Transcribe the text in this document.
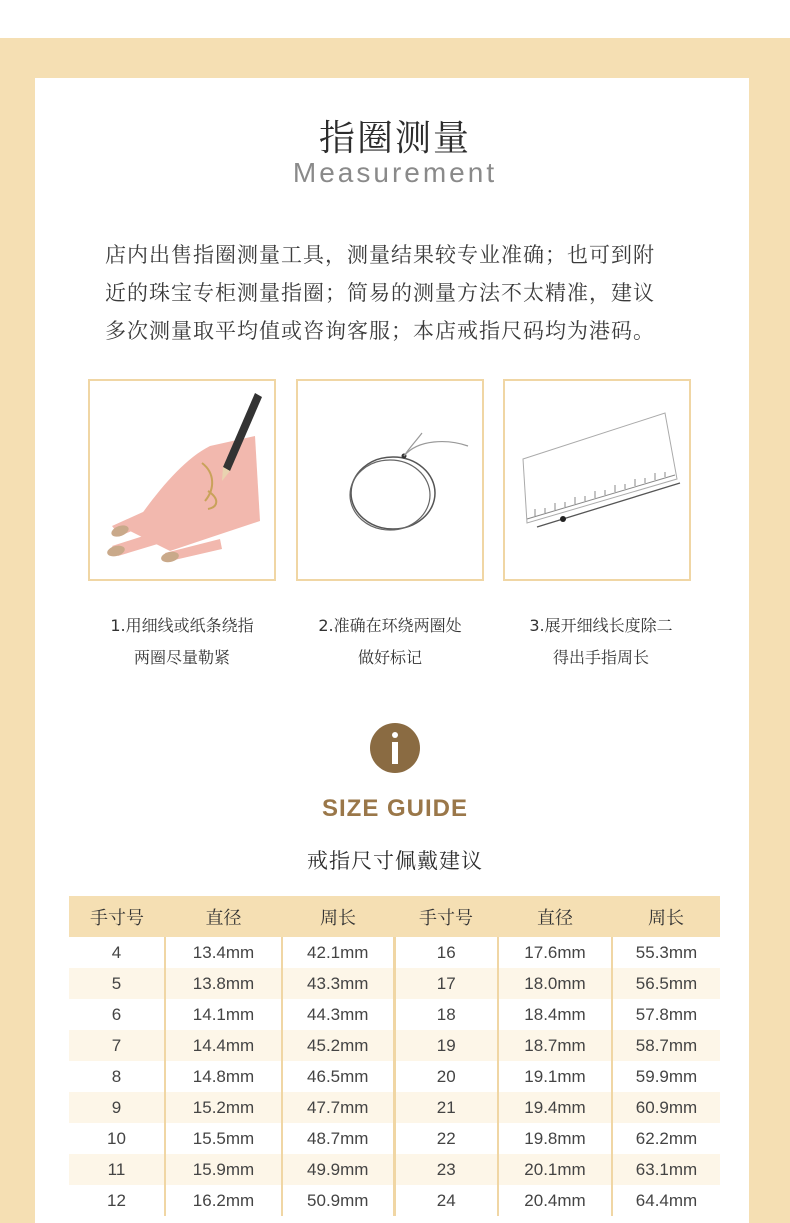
指圈测量
Measurement
店内出售指圈测量工具，测量结果较专业准确；也可到附
近的珠宝专柜测量指圈；简易的测量方法不太精准，建议
多次测量取平均值或咨询客服；本店戒指尺码均为港码。
1.用细线或纸条绕指
两圈尽量勒紧
2.准确在环绕两圈处
做好标记
3.展开细线长度除二
得出手指周长
SIZE GUIDE
戒指尺寸佩戴建议
手寸号	直径	周长	手寸号	直径	周长
4	13.4mm	42.1mm	16	17.6mm	55.3mm
5	13.8mm	43.3mm	17	18.0mm	56.5mm
6	14.1mm	44.3mm	18	18.4mm	57.8mm
7	14.4mm	45.2mm	19	18.7mm	58.7mm
8	14.8mm	46.5mm	20	19.1mm	59.9mm
9	15.2mm	47.7mm	21	19.4mm	60.9mm
10	15.5mm	48.7mm	22	19.8mm	62.2mm
11	15.9mm	49.9mm	23	20.1mm	63.1mm
12	16.2mm	50.9mm	24	20.4mm	64.4mm
